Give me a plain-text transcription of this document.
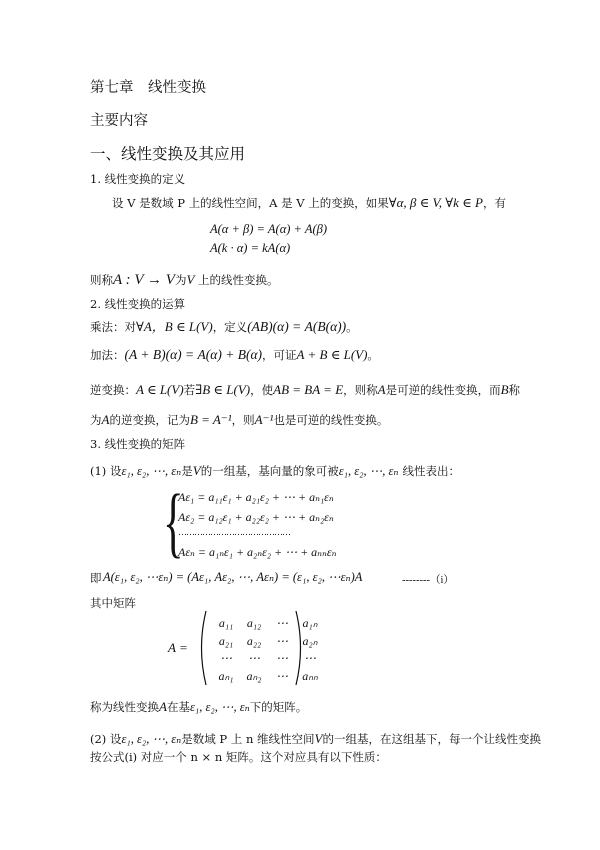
第七章　线性变换
主要内容
一、线性变换及其应用
1. 线性变换的定义
设 V 是数域 P 上的线性空间，A 是 V 上的变换，如果∀α, β ∈ V, ∀k ∈ P，有
A(α + β) = A(α) + A(β)
A(k · α) = kA(α)
则称A : V → V为V 上的线性变换。
2. 线性变换的运算
乘法：对∀A，B ∈ L(V)，定义(AB)(α) = A(B(α))。
加法：(A + B)(α) = A(α) + B(α)，可证A + B ∈ L(V)。
逆变换：A ∈ L(V)若∃B ∈ L(V)，使AB = BA = E，则称A是可逆的线性变换，而B称
为A的逆变换，记为B = A⁻¹，则A⁻¹也是可逆的线性变换。
3. 线性变换的矩阵
(1) 设ε₁, ε₂, ⋯, εₙ是V的一组基，基向量的象可被ε₁, ε₂, ⋯, εₙ 线性表出：
{
Aε₁ = a₁₁ε₁ + a₂₁ε₂ + ⋯ + aₙ₁εₙ
Aε₂ = a₁₂ε₁ + a₂₂ε₂ + ⋯ + aₙ₂εₙ
……………………………………
Aεₙ = a₁ₙε₁ + a₂ₙε₂ + ⋯ + aₙₙεₙ
即 A(ε₁, ε₂, ⋯εₙ) = (Aε₁, Aε₂, ⋯, Aεₙ) = (ε₁, ε₂, ⋯εₙ)A	--------（i）
其中矩阵
A =
a₁₁	a₁₂	⋯	a₁ₙ
a₂₁	a₂₂	⋯	a₂ₙ
⋯	⋯	⋯	⋯
aₙ₁	aₙ₂	⋯	aₙₙ
称为线性变换A在基ε₁, ε₂, ⋯, εₙ下的矩阵。
(2) 设ε₁, ε₂, ⋯, εₙ是数域 P 上 n 维线性空间V的一组基，在这组基下，每一个让线性变换
按公式(i) 对应一个 n × n 矩阵。这个对应具有以下性质：
